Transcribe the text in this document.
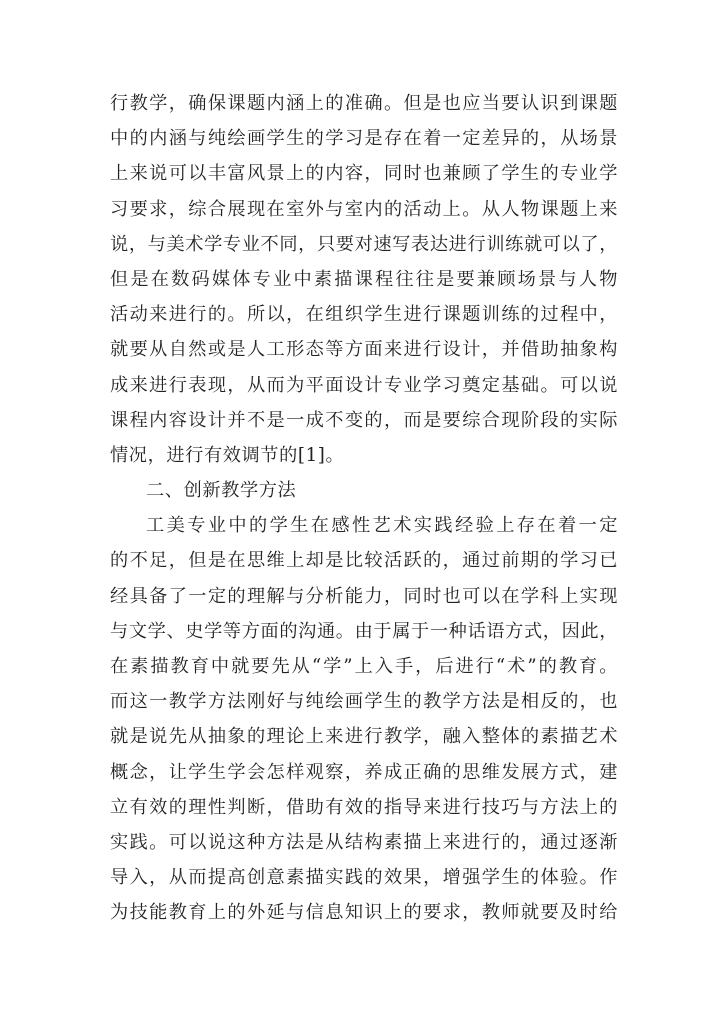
行教学，确保课题内涵上的准确。但是也应当要认识到课题
中的内涵与纯绘画学生的学习是存在着一定差异的，从场景
上来说可以丰富风景上的内容，同时也兼顾了学生的专业学
习要求，综合展现在室外与室内的活动上。从人物课题上来
说，与美术学专业不同，只要对速写表达进行训练就可以了，
但是在数码媒体专业中素描课程往往是要兼顾场景与人物
活动来进行的。所以，在组织学生进行课题训练的过程中，
就要从自然或是人工形态等方面来进行设计，并借助抽象构
成来进行表现，从而为平面设计专业学习奠定基础。可以说
课程内容设计并不是一成不变的，而是要综合现阶段的实际
情况，进行有效调节的[1]。
二、创新教学方法
工美专业中的学生在感性艺术实践经验上存在着一定
的不足，但是在思维上却是比较活跃的，通过前期的学习已
经具备了一定的理解与分析能力，同时也可以在学科上实现
与文学、史学等方面的沟通。由于属于一种话语方式，因此，
在素描教育中就要先从“学”上入手，后进行“术”的教育。
而这一教学方法刚好与纯绘画学生的教学方法是相反的，也
就是说先从抽象的理论上来进行教学，融入整体的素描艺术
概念，让学生学会怎样观察，养成正确的思维发展方式，建
立有效的理性判断，借助有效的指导来进行技巧与方法上的
实践。可以说这种方法是从结构素描上来进行的，通过逐渐
导入，从而提高创意素描实践的效果，增强学生的体验。作
为技能教育上的外延与信息知识上的要求，教师就要及时给
